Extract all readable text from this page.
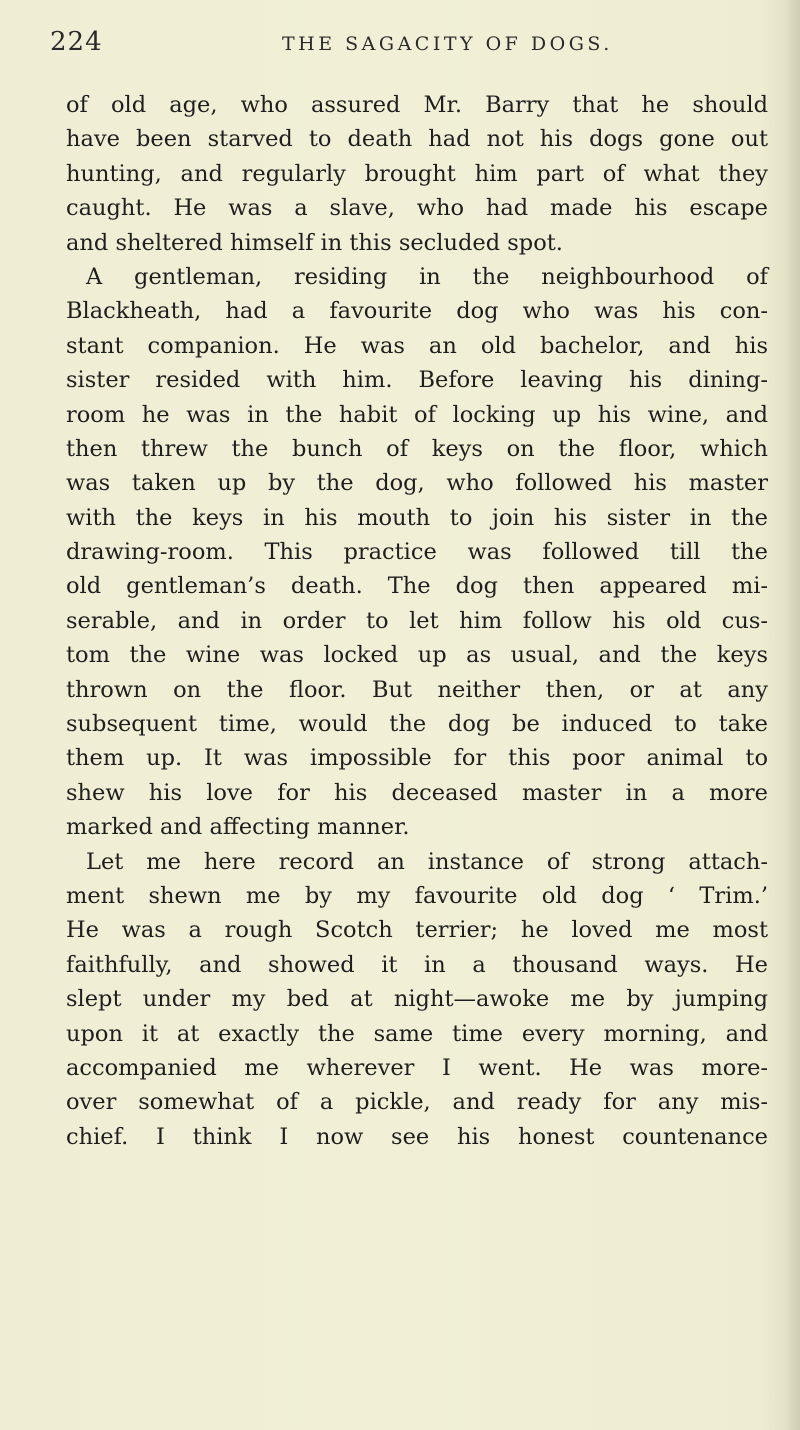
224	THE SAGACITY OF DOGS.
of old age, who assured Mr. Barry that he should
have been starved to death had not his dogs gone out
hunting, and regularly brought him part of what they
caught. He was a slave, who had made his escape
and sheltered himself in this secluded spot.
A gentleman, residing in the neighbourhood of
Blackheath, had a favourite dog who was his con-
stant companion. He was an old bachelor, and his
sister resided with him. Before leaving his dining-
room he was in the habit of locking up his wine, and
then threw the bunch of keys on the floor, which
was taken up by the dog, who followed his master
with the keys in his mouth to join his sister in the
drawing-room. This practice was followed till the
old gentleman’s death. The dog then appeared mi-
serable, and in order to let him follow his old cus-
tom the wine was locked up as usual, and the keys
thrown on the floor. But neither then, or at any
subsequent time, would the dog be induced to take
them up. It was impossible for this poor animal to
shew his love for his deceased master in a more
marked and affecting manner.
Let me here record an instance of strong attach-
ment shewn me by my favourite old dog ‘ Trim.’
He was a rough Scotch terrier; he loved me most
faithfully, and showed it in a thousand ways. He
slept under my bed at night—awoke me by jumping
upon it at exactly the same time every morning, and
accompanied me wherever I went. He was more-
over somewhat of a pickle, and ready for any mis-
chief. I think I now see his honest countenance
